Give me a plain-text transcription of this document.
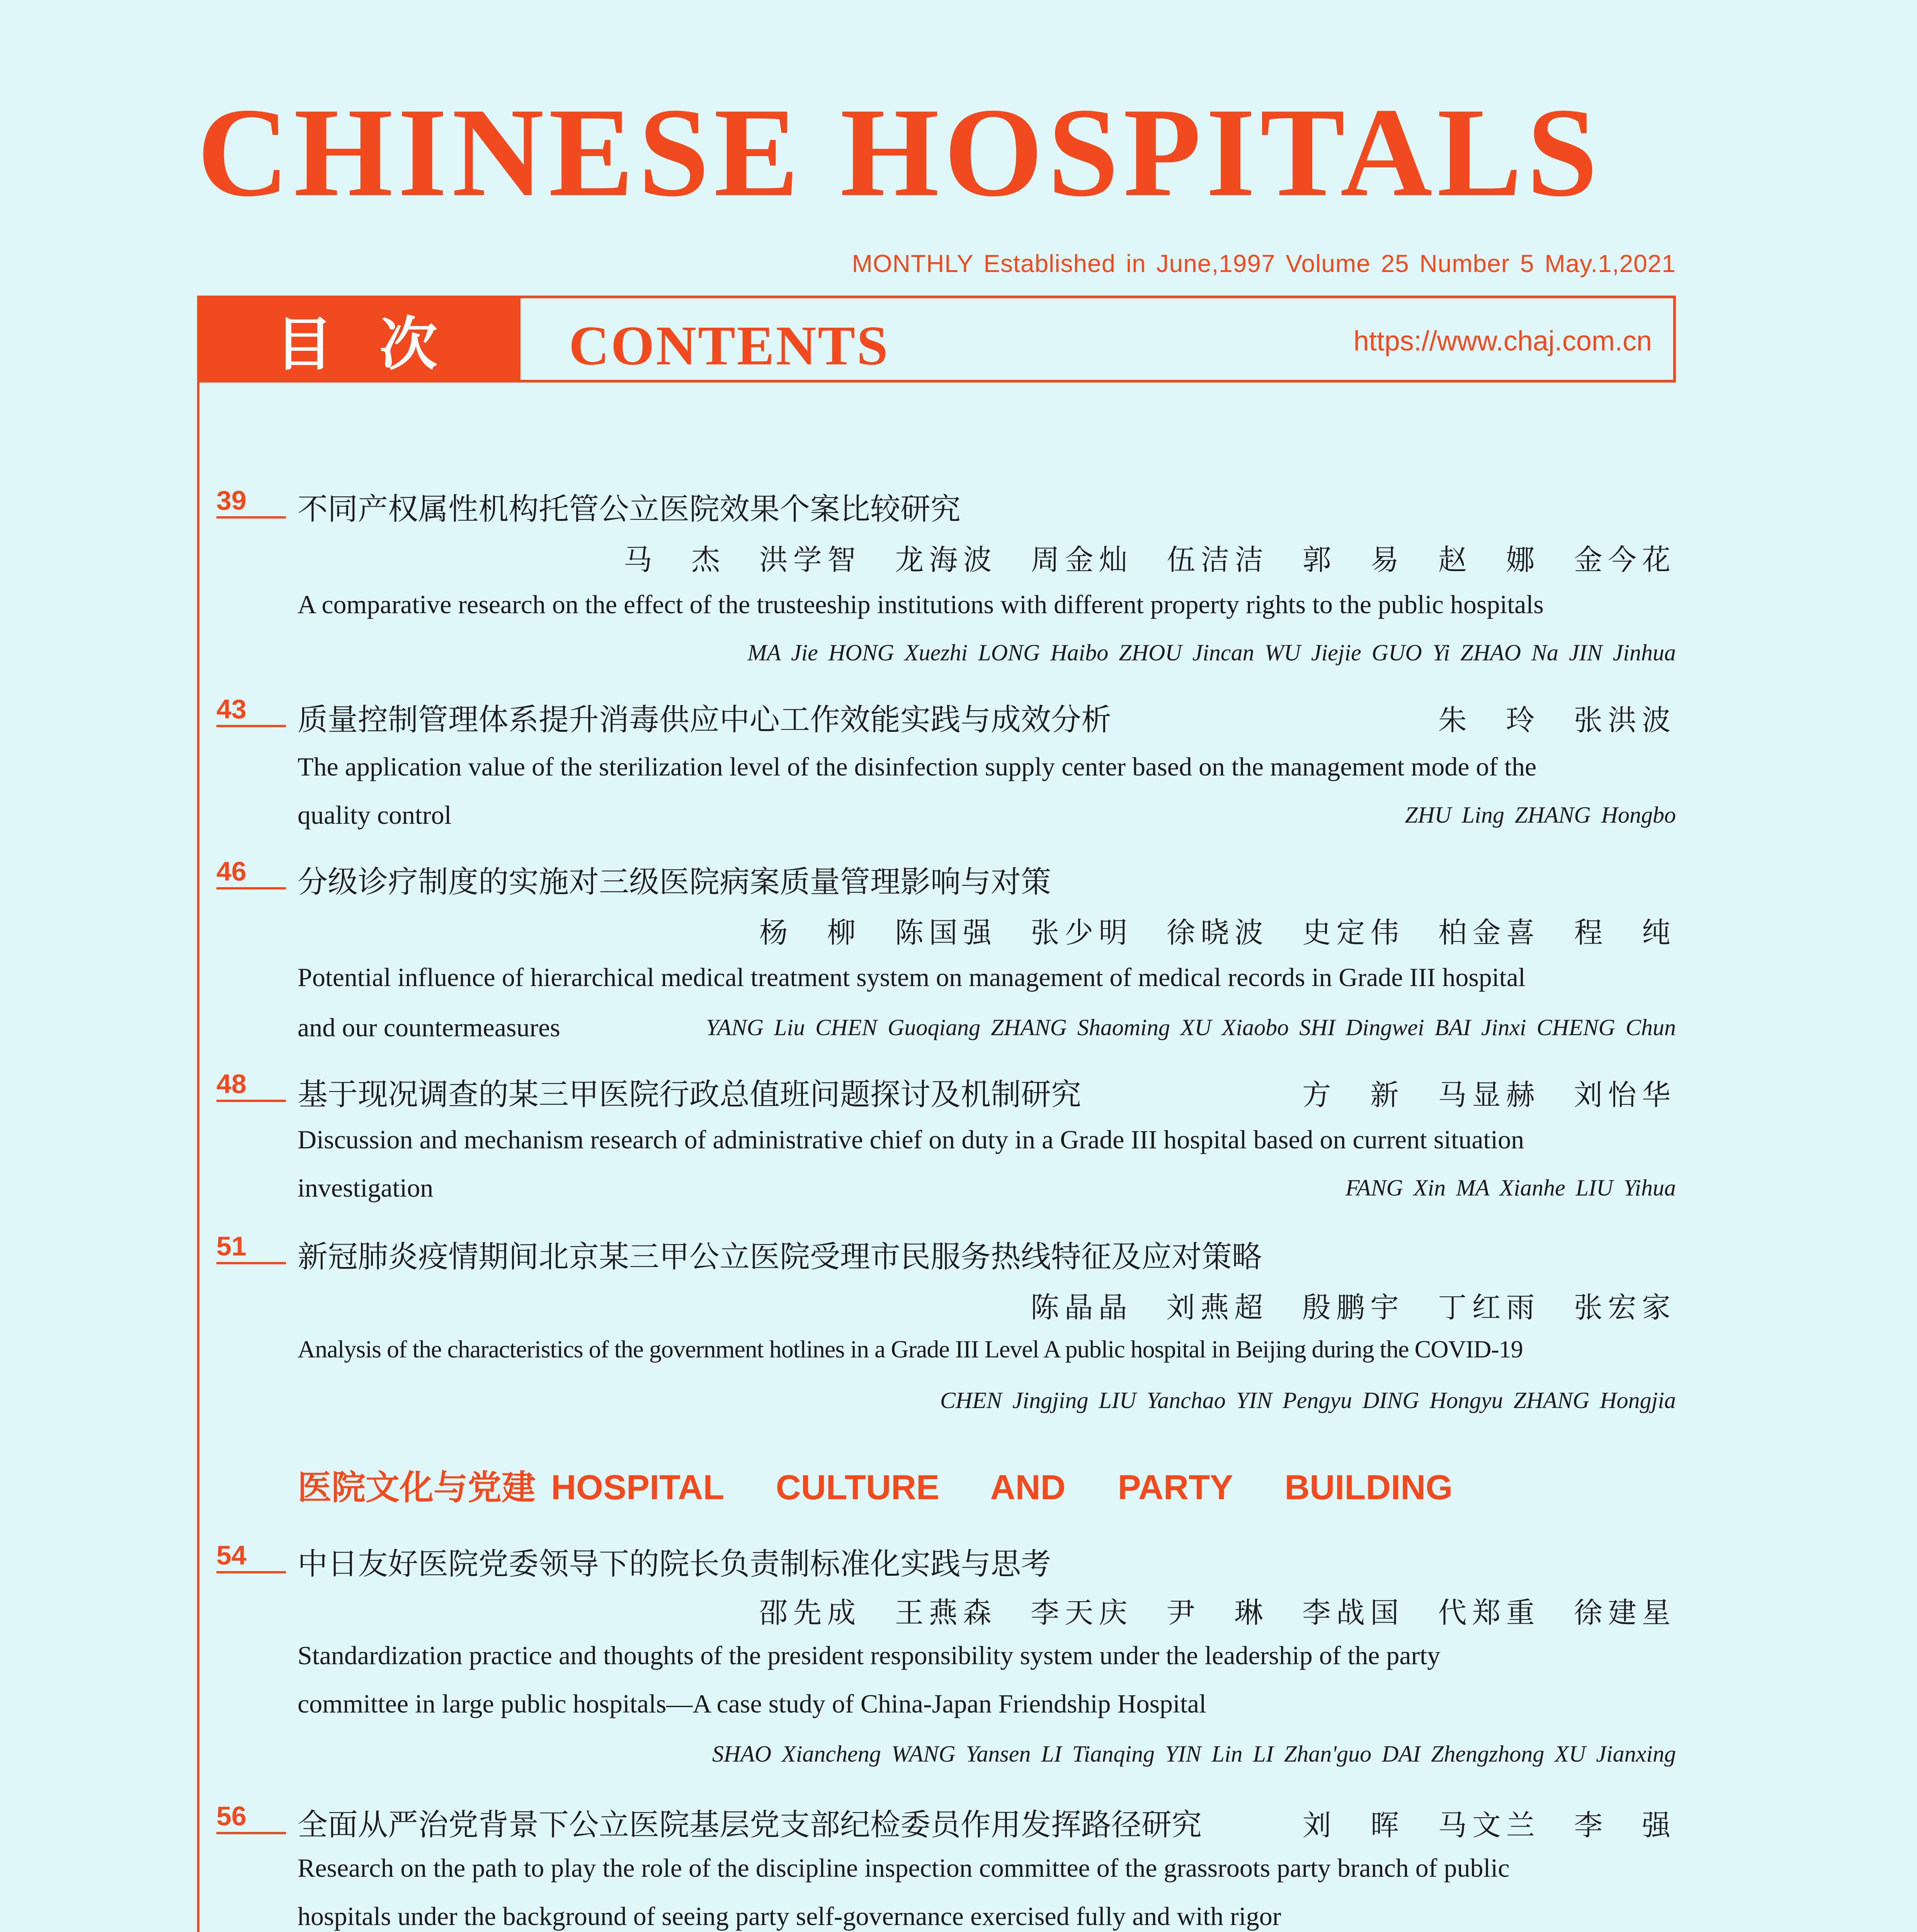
CHINESE HOSPITALS
MONTHLY Established in June,1997 Volume 25 Number 5 May.1,2021
目次	CONTENTS	https://www.chaj.com.cn
39	不同产权属性机构托管公立医院效果个案比较研究
马 杰 洪学智 龙海波 周金灿 伍洁洁 郭 易 赵 娜 金今花
A comparative research on the effect of the trusteeship institutions with different property rights to the public hospitals
MA Jie HONG Xuezhi LONG Haibo ZHOU Jincan WU Jiejie GUO Yi ZHAO Na JIN Jinhua
43	质量控制管理体系提升消毒供应中心工作效能实践与成效分析	朱 玲 张洪波
The application value of the sterilization level of the disinfection supply center based on the management mode of the
quality control	ZHU Ling ZHANG Hongbo
46	分级诊疗制度的实施对三级医院病案质量管理影响与对策
杨 柳 陈国强 张少明 徐晓波 史定伟 柏金喜 程 纯
Potential influence of hierarchical medical treatment system on management of medical records in Grade III hospital
and our countermeasures	YANG Liu CHEN Guoqiang ZHANG Shaoming XU Xiaobo SHI Dingwei BAI Jinxi CHENG Chun
48	基于现况调查的某三甲医院行政总值班问题探讨及机制研究	方 新 马显赫 刘怡华
Discussion and mechanism research of administrative chief on duty in a Grade III hospital based on current situation
investigation	FANG Xin MA Xianhe LIU Yihua
51	新冠肺炎疫情期间北京某三甲公立医院受理市民服务热线特征及应对策略
陈晶晶 刘燕超 殷鹏宇 丁红雨 张宏家
Analysis of the characteristics of the government hotlines in a Grade III Level A public hospital in Beijing during the COVID-19
CHEN Jingjing LIU Yanchao YIN Pengyu DING Hongyu ZHANG Hongjia
医院文化与党建 HOSPITAL CULTURE AND PARTY BUILDING
54	中日友好医院党委领导下的院长负责制标准化实践与思考
邵先成 王燕森 李天庆 尹 琳 李战国 代郑重 徐建星
Standardization practice and thoughts of the president responsibility system under the leadership of the party
committee in large public hospitals—A case study of China-Japan Friendship Hospital
SHAO Xiancheng WANG Yansen LI Tianqing YIN Lin LI Zhan'guo DAI Zhengzhong XU Jianxing
56	全面从严治党背景下公立医院基层党支部纪检委员作用发挥路径研究	刘 晖 马文兰 李 强
Research on the path to play the role of the discipline inspection committee of the grassroots party branch of public
hospitals under the background of seeing party self-governance exercised fully and with rigor
